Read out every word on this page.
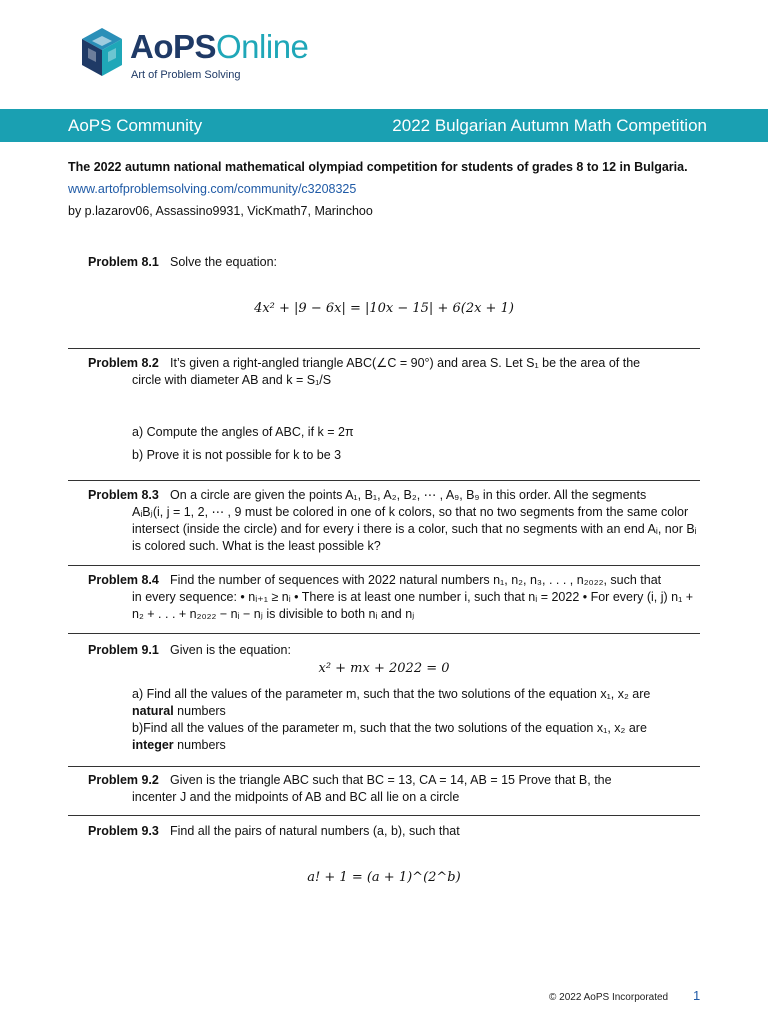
AoPSOnline
Art of Problem Solving
AoPS Community	2022 Bulgarian Autumn Math Competition
The 2022 autumn national mathematical olympiad competition for students of grades 8 to 12 in Bulgaria.
www.artofproblemsolving.com/community/c3208325
by p.lazarov06, Assassino9931, VicKmath7, Marinchoo
Problem 8.1 Solve the equation:
4x² + |9 − 6x| = |10x − 15| + 6(2x + 1)
Problem 8.2 It’s given a right-angled triangle ABC(∠C = 90°) and area S. Let S₁ be the area of the
circle with diameter AB and k = S₁/S
a) Compute the angles of ABC, if k = 2π
b) Prove it is not possible for k to be 3
Problem 8.3 On a circle are given the points A₁, B₁, A₂, B₂, ⋯ , A₉, B₉ in this order. All the segments
AᵢBⱼ(i, j = 1, 2, ⋯ , 9 must be colored in one of k colors, so that no two segments from the same color intersect (inside the circle) and for every i there is a color, such that no segments with an end Aᵢ, nor Bᵢ is colored such. What is the least possible k?
Problem 8.4 Find the number of sequences with 2022 natural numbers n₁, n₂, n₃, . . . , n₂₀₂₂, such that
in every sequence: • nᵢ₊₁ ≥ nᵢ • There is at least one number i, such that nᵢ = 2022 • For every (i, j) n₁ + n₂ + . . . + n₂₀₂₂ − nᵢ − nⱼ is divisible to both nᵢ and nⱼ
Problem 9.1 Given is the equation:
x² + mx + 2022 = 0
a) Find all the values of the parameter m, such that the two solutions of the equation x₁, x₂ are
natural numbers
b)Find all the values of the parameter m, such that the two solutions of the equation x₁, x₂ are
integer numbers
Problem 9.2 Given is the triangle ABC such that BC = 13, CA = 14, AB = 15 Prove that B, the
incenter J and the midpoints of AB and BC all lie on a circle
Problem 9.3 Find all the pairs of natural numbers (a, b), such that
a! + 1 = (a + 1)^(2^b)
© 2022 AoPS Incorporated 1
